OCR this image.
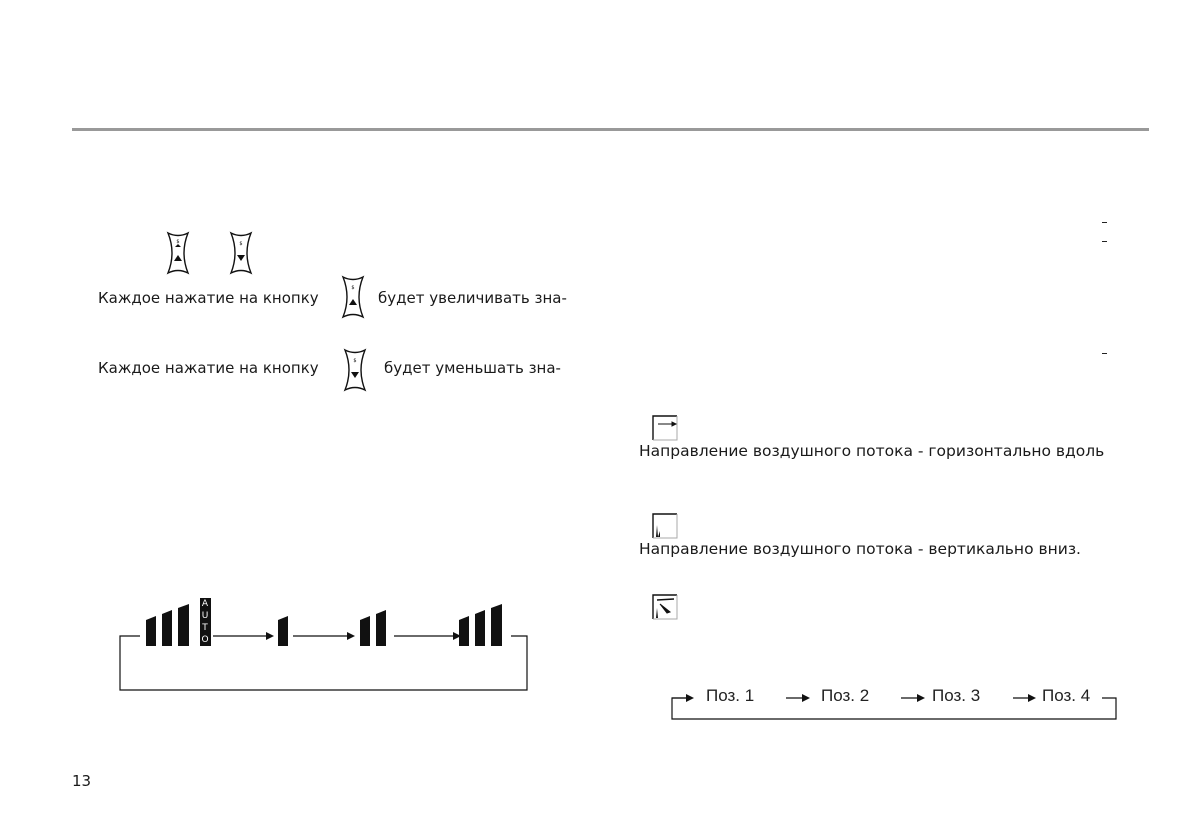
$	$
Каждое нажатие на кнопку
$
будет увеличивать зна-
Каждое нажатие на кнопку	$ будет уменьшать зна-
A
U
T
O
13
Направление воздушного потока - горизонтально вдоль
Направление воздушного потока - вертикально вниз.
Поз. 1	Поз. 2	Поз. 3	Поз. 4
